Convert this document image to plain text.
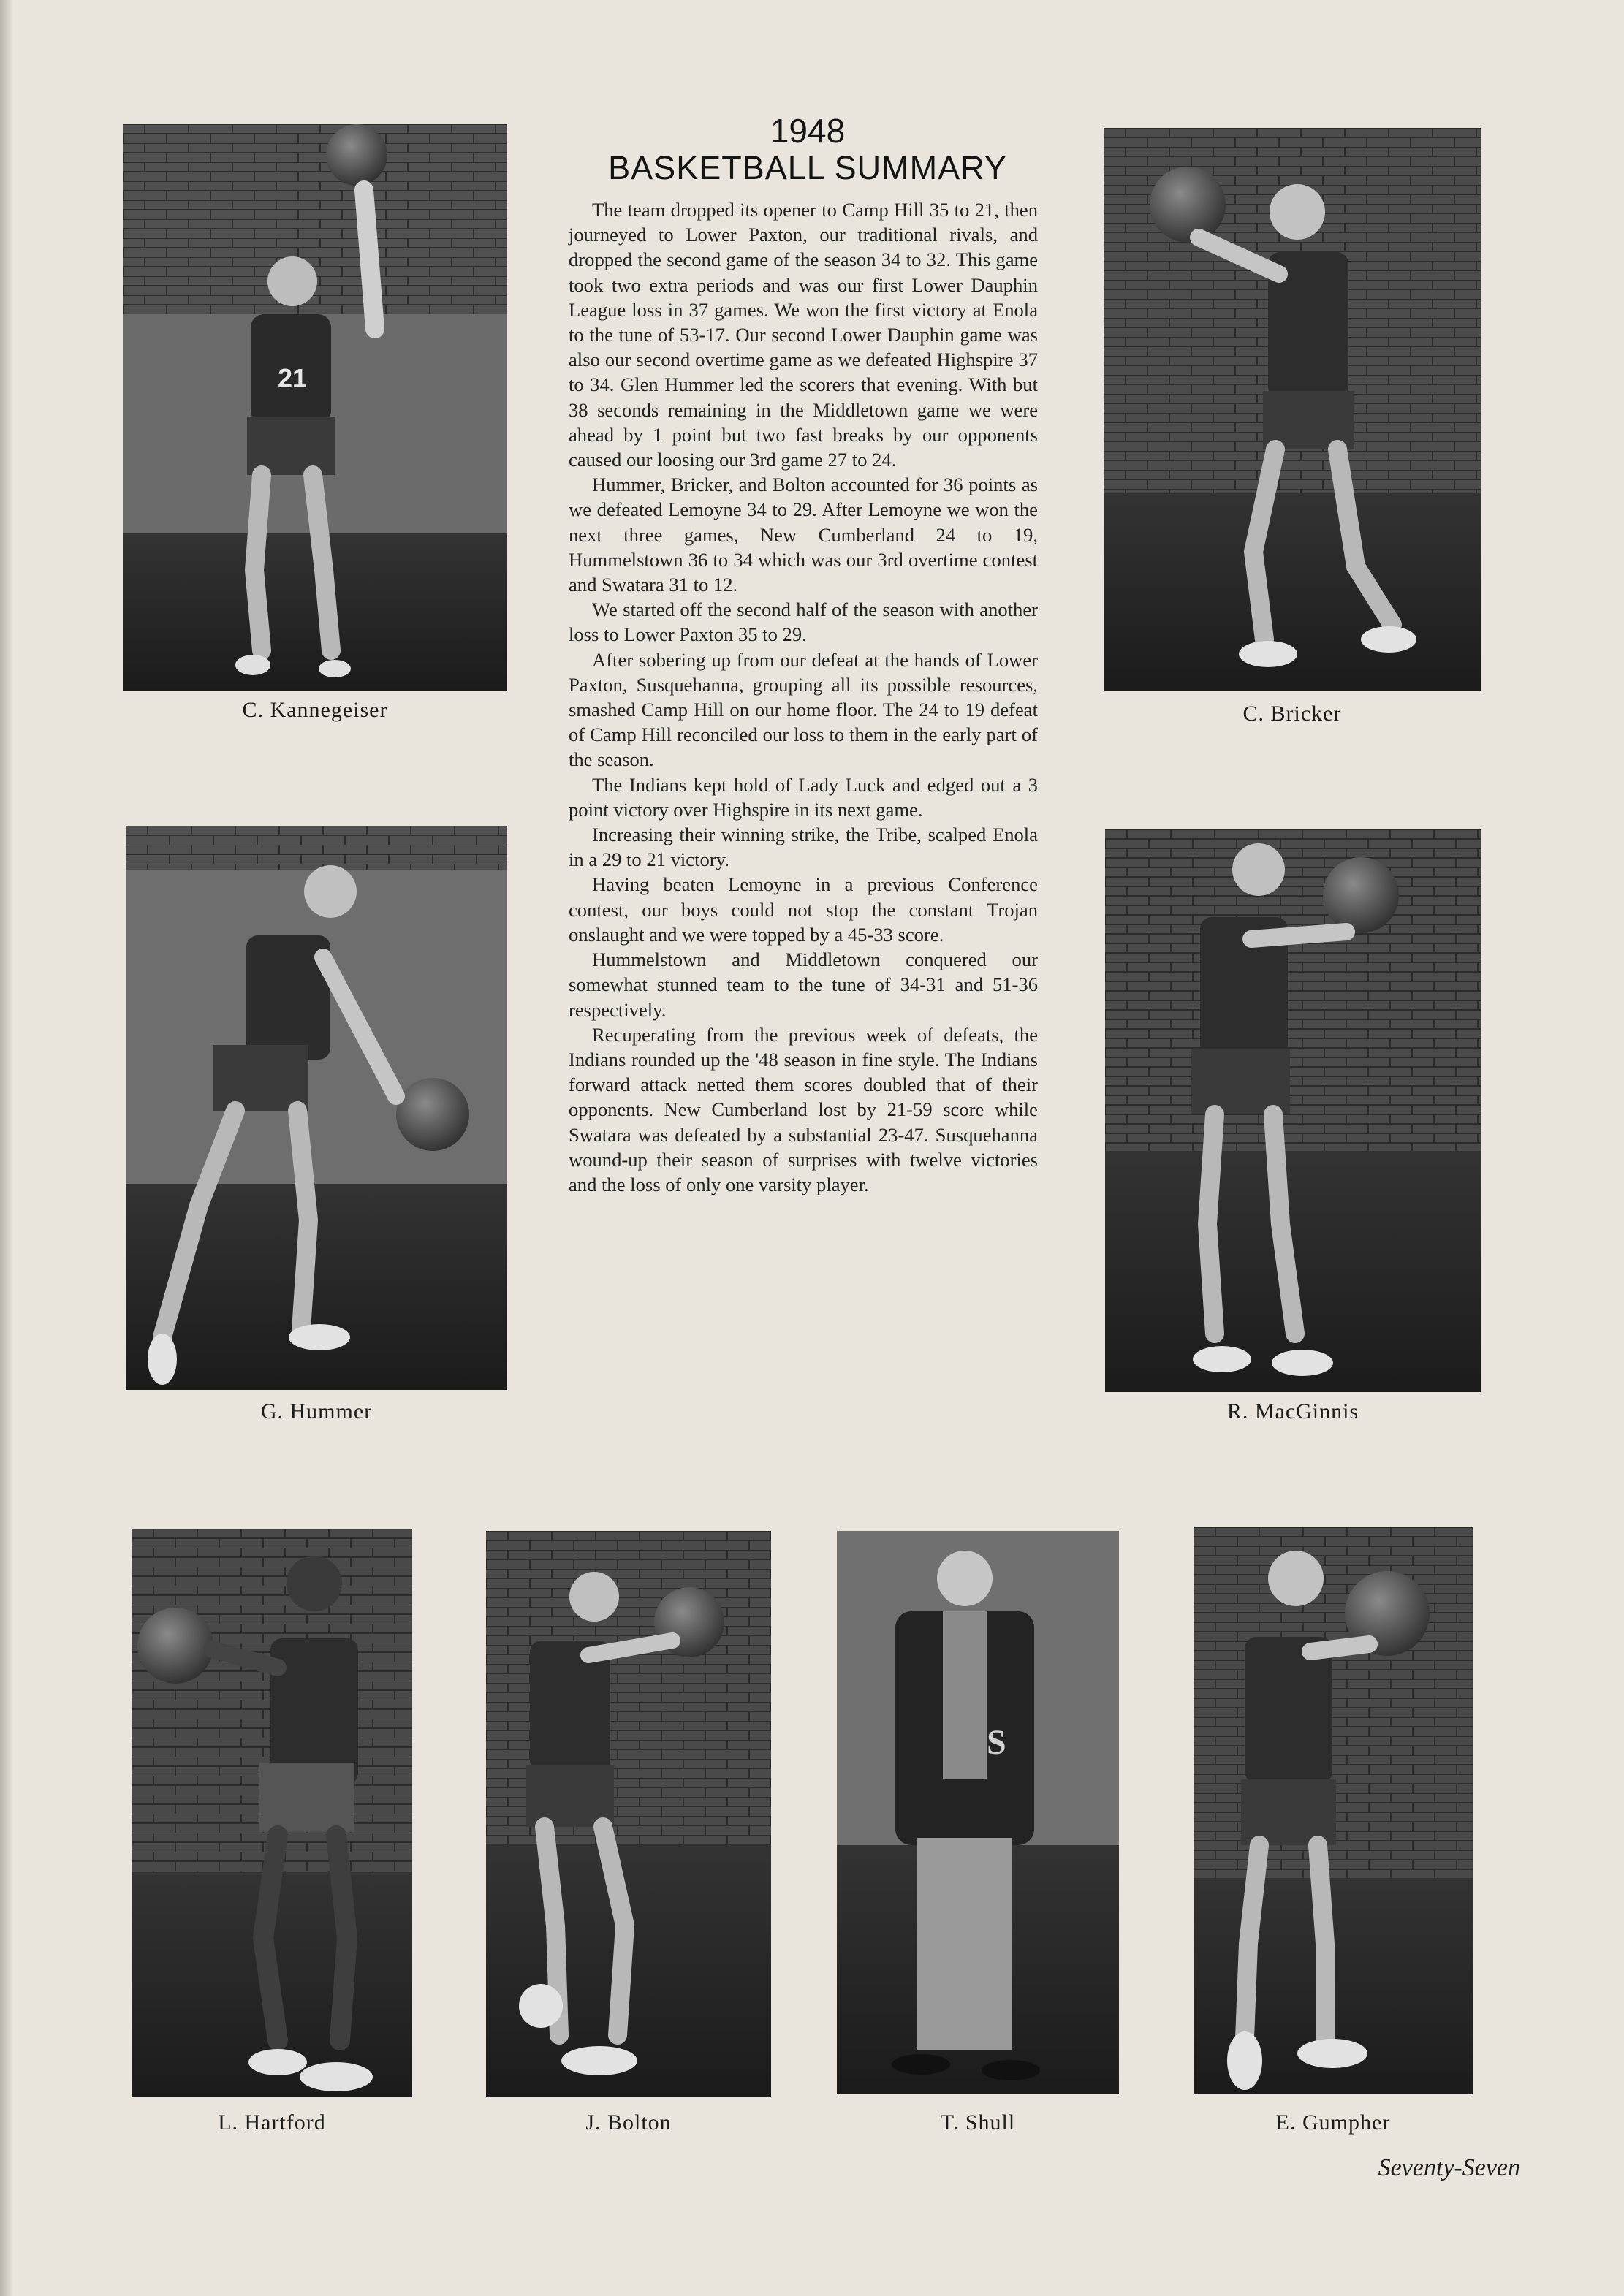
21
C. Kannegeiser
1948
BASKETBALL SUMMARY

The team dropped its opener to Camp Hill 35 to 21, then journeyed to Lower Paxton, our traditional rivals, and dropped the second game of the season 34 to 32. This game took two extra periods and was our first Lower Dauphin League loss in 37 games. We won the first victory at Enola to the tune of 53-17. Our second Lower Dauphin game was also our second overtime game as we defeated Highspire 37 to 34. Glen Hummer led the scorers that evening. With but 38 seconds remaining in the Middletown game we were ahead by 1 point but two fast breaks by our opponents caused our loosing our 3rd game 27 to 24.

Hummer, Bricker, and Bolton accounted for 36 points as we defeated Lemoyne 34 to 29. After Lemoyne we won the next three games, New Cumberland 24 to 19, Hummelstown 36 to 34 which was our 3rd overtime contest and Swatara 31 to 12.

We started off the second half of the season with another loss to Lower Paxton 35 to 29.

After sobering up from our defeat at the hands of Lower Paxton, Susquehanna, grouping all its possible resources, smashed Camp Hill on our home floor. The 24 to 19 defeat of Camp Hill reconciled our loss to them in the early part of the season.

The Indians kept hold of Lady Luck and edged out a 3 point victory over Highspire in its next game.

Increasing their winning strike, the Tribe, scalped Enola in a 29 to 21 victory.

Having beaten Lemoyne in a previous Conference contest, our boys could not stop the constant Trojan onslaught and we were topped by a 45-33 score.

Hummelstown and Middletown conquered our somewhat stunned team to the tune of 34-31 and 51-36 respectively.

Recuperating from the previous week of defeats, the Indians rounded up the '48 season in fine style. The Indians forward attack netted them scores doubled that of their opponents. New Cumberland lost by 21-59 score while Swatara was defeated by a substantial 23-47. Susquehanna wound-up their season of surprises with twelve victories and the loss of only one varsity player.

C. Bricker
G. Hummer	R. MacGinnis
L. Hartford	J. Bolton
S
T. Shull	E. Gumpher
Seventy-Seven
